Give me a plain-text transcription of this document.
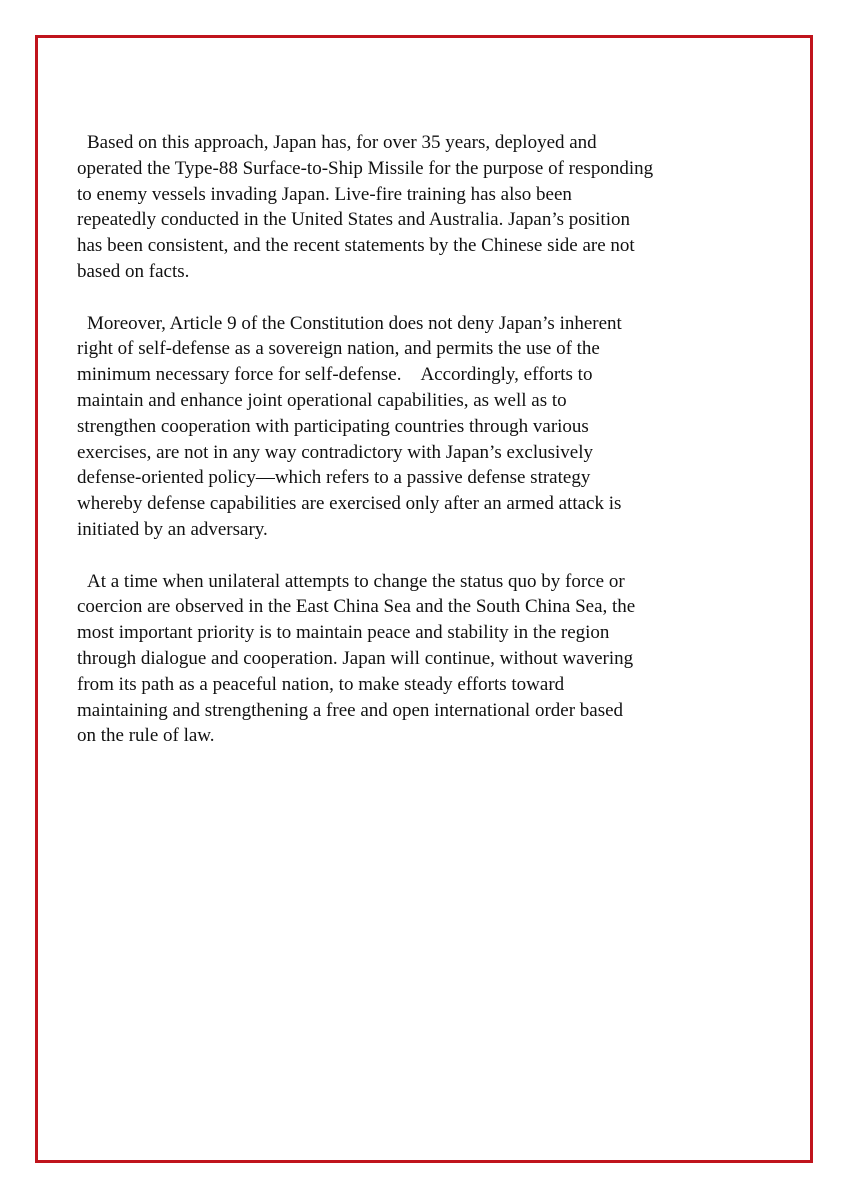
Based on this approach, Japan has, for over 35 years, deployed and
operated the Type-88 Surface-to-Ship Missile for the purpose of responding
to enemy vessels invading Japan. Live-fire training has also been
repeatedly conducted in the United States and Australia. Japan’s position
has been consistent, and the recent statements by the Chinese side are not
based on facts.

Moreover, Article 9 of the Constitution does not deny Japan’s inherent
right of self-defense as a sovereign nation, and permits the use of the
minimum necessary force for self-defense.　Accordingly, efforts to
maintain and enhance joint operational capabilities, as well as to
strengthen cooperation with participating countries through various
exercises, are not in any way contradictory with Japan’s exclusively
defense-oriented policy—which refers to a passive defense strategy
whereby defense capabilities are exercised only after an armed attack is
initiated by an adversary.

At a time when unilateral attempts to change the status quo by force or
coercion are observed in the East China Sea and the South China Sea, the
most important priority is to maintain peace and stability in the region
through dialogue and cooperation. Japan will continue, without wavering
from its path as a peaceful nation, to make steady efforts toward
maintaining and strengthening a free and open international order based
on the rule of law.
